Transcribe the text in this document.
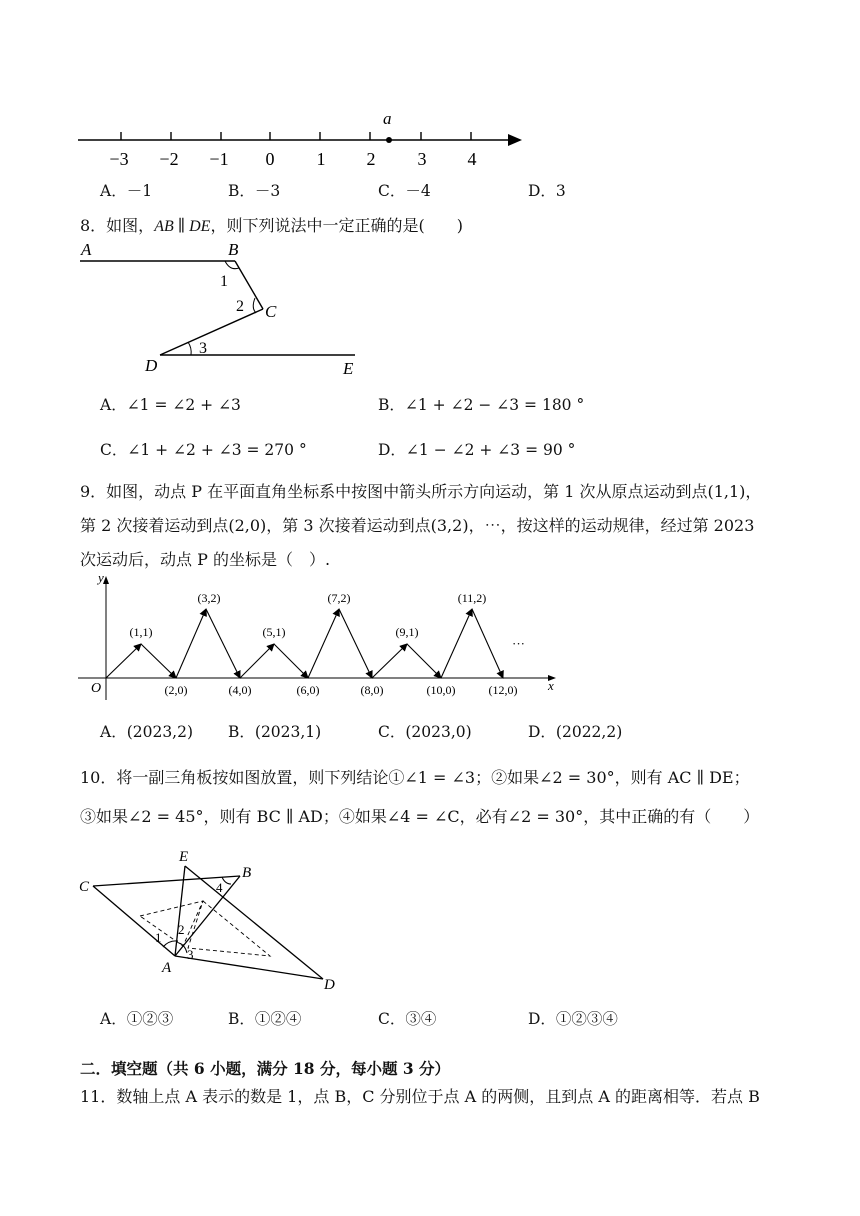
a
−3 −2 −1 0 1 2 3 4
A．－1	B．－3	C．－4	D．3
8．如图，AB ∥ DE，则下列说法中一定正确的是(　　)
A	B
C
D	E
1
2
3
A．∠1 = ∠2 + ∠3	B．∠1 + ∠2 − ∠3 = 180 °
C．∠1 + ∠2 + ∠3 = 270 °	D．∠1 − ∠2 + ∠3 = 90 °
9．如图，动点 P 在平面直角坐标系中按图中箭头所示方向运动，第 1 次从原点运动到点(1,1)，
第 2 次接着运动到点(2,0)，第 3 次接着运动到点(3,2)，⋯，按这样的运动规律，经过第 2023
次运动后，动点 P 的坐标是（　）.
y
x
O
(1,1)
(3,2)
(5,1)
(7,2)
(9,1)
(11,2)
(2,0)	(4,0)	(6,0)	(8,0)	(10,0)	(12,0)
···
A．(2023,2) B．(2023,1)	C．(2023,0)	D．(2022,2)
10．将一副三角板按如图放置，则下列结论①∠1 = ∠3；②如果∠2 = 30°，则有 AC ∥ DE；
③如果∠2 = 45°，则有 BC ∥ AD；④如果∠4 = ∠C，必有∠2 = 30°，其中正确的有（　　）
E
B
C
A
D
1
2
3
4
A．①②③	B．①②④	C．③④	D．①②③④
二．填空题（共 6 小题，满分 18 分，每小题 3 分）
11．数轴上点 A 表示的数是 1，点 B，C 分别位于点 A 的两侧，且到点 A 的距离相等．若点 B
